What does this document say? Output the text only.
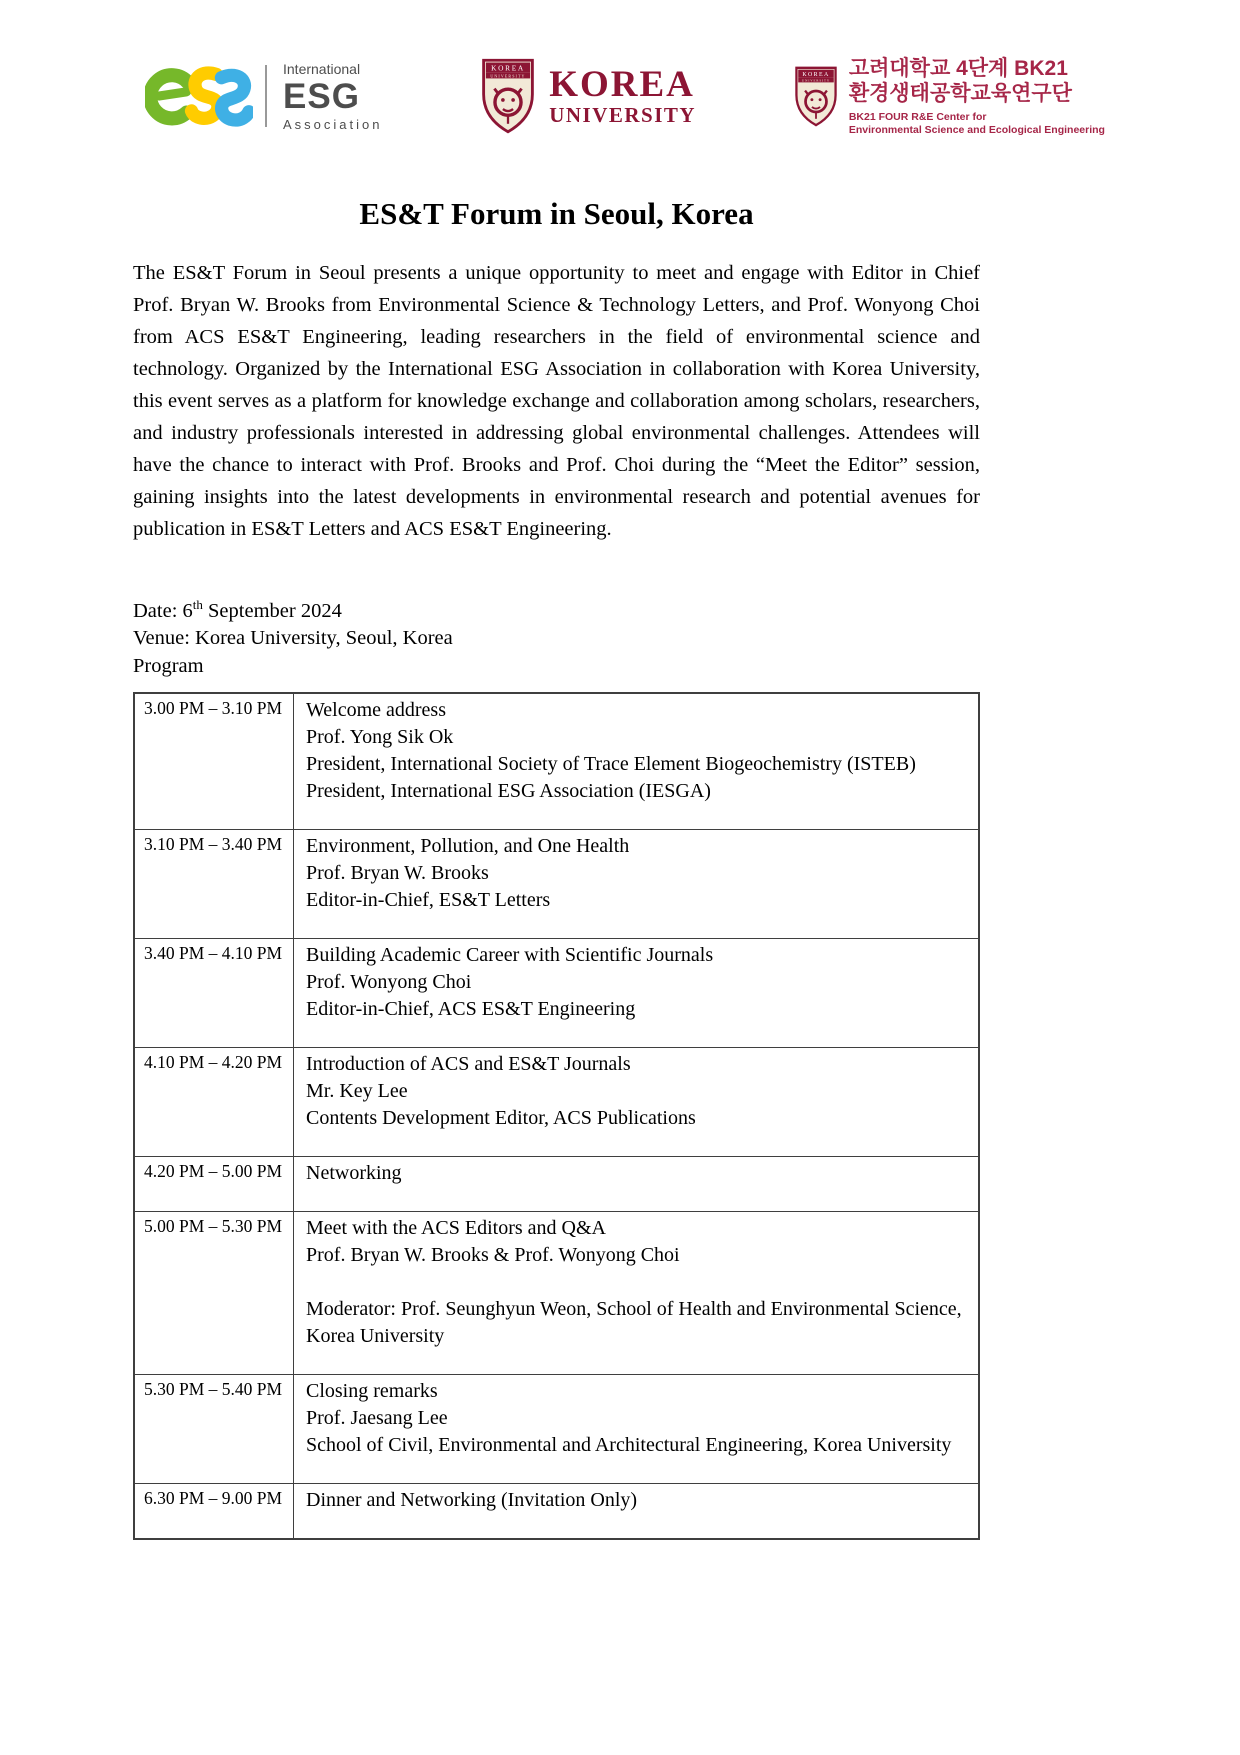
International
ESG
Association
KOREA
UNIVERSITY KOREA
UNIVERSITY
KOREA
UNIVERSITY 고려대학교 4단계 BK21
환경생태공학교육연구단
BK21 FOUR R&E Center for
Environmental Science and Ecological Engineering
ES&T Forum in Seoul, Korea

The ES&T Forum in Seoul presents a unique opportunity to meet and engage with Editor in Chief Prof. Bryan W. Brooks from Environmental Science & Technology Letters, and Prof. Wonyong Choi from ACS ES&T Engineering, leading researchers in the field of environmental science and technology. Organized by the International ESG Association in collaboration with Korea University, this event serves as a platform for knowledge exchange and collaboration among scholars, researchers, and industry professionals interested in addressing global environmental challenges. Attendees will have the chance to interact with Prof. Brooks and Prof. Choi during the “Meet the Editor” session, gaining insights into the latest developments in environmental research and potential avenues for publication in ES&T Letters and ACS ES&T Engineering.

Date: 6th September 2024
Venue: Korea University, Seoul, Korea
Program
3.00 PM – 3.10 PM	Welcome address
Prof. Yong Sik Ok
President, International Society of Trace Element Biogeochemistry (ISTEB)
President, International ESG Association (IESGA)

3.10 PM – 3.40 PM	Environment, Pollution, and One Health
Prof. Bryan W. Brooks
Editor-in-Chief, ES&T Letters

3.40 PM – 4.10 PM	Building Academic Career with Scientific Journals
Prof. Wonyong Choi
Editor-in-Chief, ACS ES&T Engineering

4.10 PM – 4.20 PM	Introduction of ACS and ES&T Journals
Mr. Key Lee
Contents Development Editor, ACS Publications

4.20 PM – 5.00 PM	Networking

5.00 PM – 5.30 PM	Meet with the ACS Editors and Q&A
Prof. Bryan W. Brooks & Prof. Wonyong Choi
Moderator: Prof. Seunghyun Weon, School of Health and Environmental Science, Korea University

5.30 PM – 5.40 PM	Closing remarks
Prof. Jaesang Lee
School of Civil, Environmental and Architectural Engineering, Korea University

6.30 PM – 9.00 PM	Dinner and Networking (Invitation Only)
